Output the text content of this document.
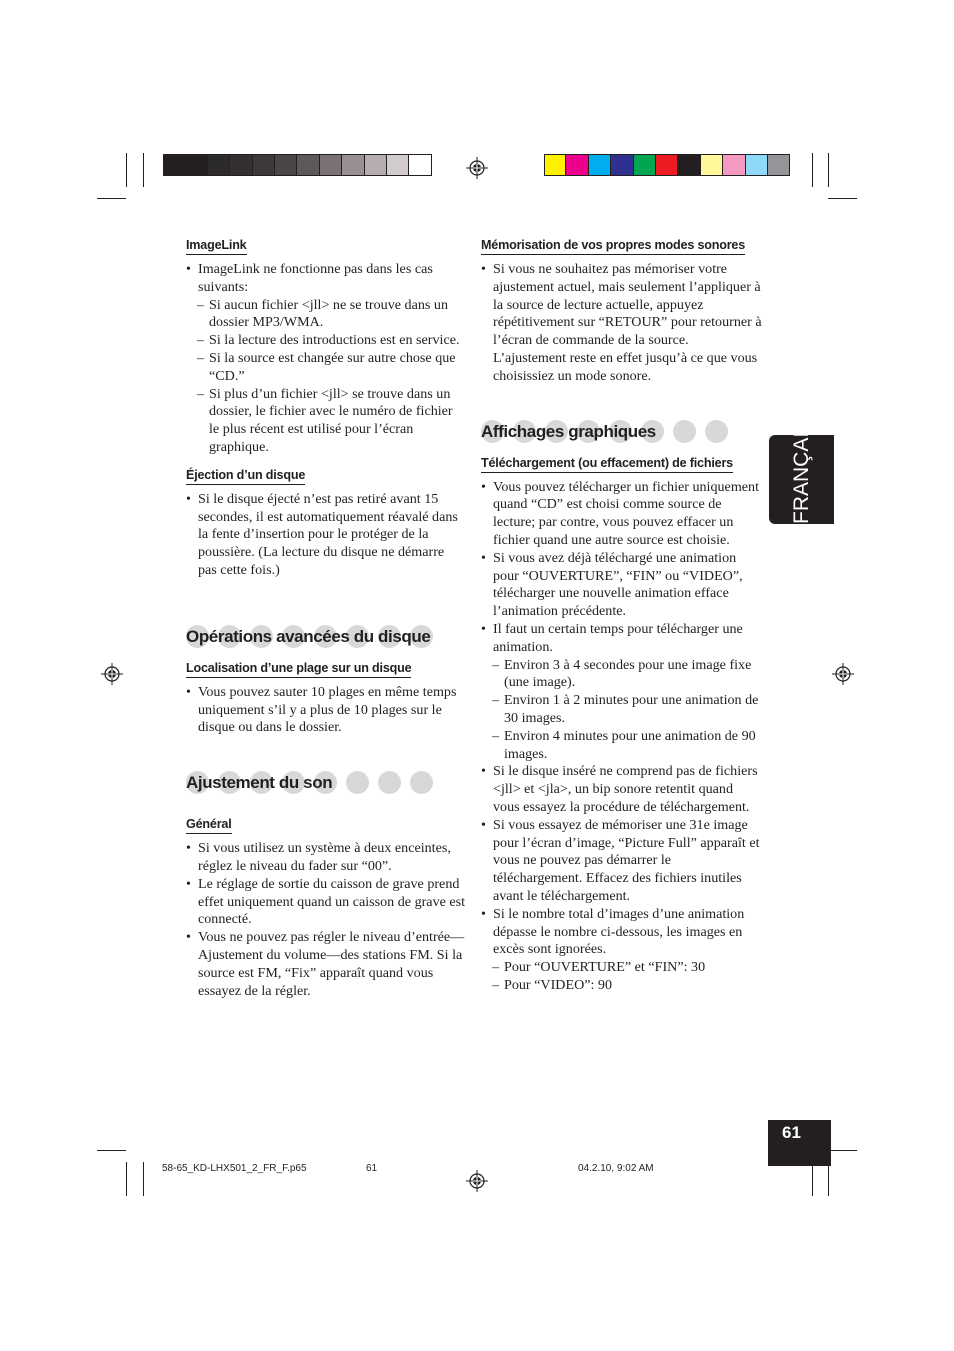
ImageLink
• ImageLink ne fonctionne pas dans les cas suivants:
– Si aucun fichier <jll> ne se trouve dans un dossier MP3/WMA.
– Si la lecture des introductions est en service.
– Si la source est changée sur autre chose que “CD.”
– Si plus d’un fichier <jll> se trouve dans un dossier, le fichier avec le numéro de fichier le plus récent est utilisé pour l’écran graphique.
Éjection d’un disque
• Si le disque éjecté n’est pas retiré avant 15 secondes, il est automatiquement réavalé dans la fente d’insertion pour le protéger de la poussière. (La lecture du disque ne démarre pas cette fois.)
Opérations avancées du disque
Localisation d’une plage sur un disque
• Vous pouvez sauter 10 plages en même temps uniquement s’il y a plus de 10 plages sur le disque ou dans le dossier.
Ajustement du son
Général
• Si vous utilisez un système à deux enceintes, réglez le niveau du fader sur “00”.
• Le réglage de sortie du caisson de grave prend effet uniquement quand un caisson de grave est connecté.
• Vous ne pouvez pas régler le niveau d’entrée—Ajustement du volume—des stations FM. Si la source est FM, “Fix” apparaît quand vous essayez de la régler.
Mémorisation de vos propres modes sonores
• Si vous ne souhaitez pas mémoriser votre ajustement actuel, mais seulement l’appliquer à la source de lecture actuelle, appuyez répétitivement sur “RETOUR” pour retourner à l’écran de commande de la source. L’ajustement reste en effet jusqu’à ce que vous choisissiez un mode sonore.
Affichages graphiques
Téléchargement (ou effacement) de fichiers
• Vous pouvez télécharger un fichier uniquement quand “CD” est choisi comme source de lecture; par contre, vous pouvez effacer un fichier quand une autre source est choisie.
• Si vous avez déjà téléchargé une animation pour “OUVERTURE”, “FIN” ou “VIDEO”, télécharger une nouvelle animation efface l’animation précédente.
• Il faut un certain temps pour télécharger une animation.
– Environ 3 à 4 secondes pour une image fixe (une image).
– Environ 1 à 2 minutes pour une animation de 30 images.
– Environ 4 minutes pour une animation de 90 images.
• Si le disque inséré ne comprend pas de fichiers <jll> et <jla>, un bip sonore retentit quand vous essayez la procédure de téléchargement.
• Si vous essayez de mémoriser une 31e image pour l’écran d’image, “Picture Full” apparaît et vous ne pouvez pas démarrer le téléchargement. Effacez des fichiers inutiles avant le téléchargement.
• Si le nombre total d’images d’une animation dépasse le nombre ci-dessous, les images en excès sont ignorées.
– Pour “OUVERTURE” et “FIN”: 30
– Pour “VIDEO”: 90
FRANÇAIS
61
58-65_KD-LHX501_2_FR_F.p65	61	04.2.10, 9:02 AM
